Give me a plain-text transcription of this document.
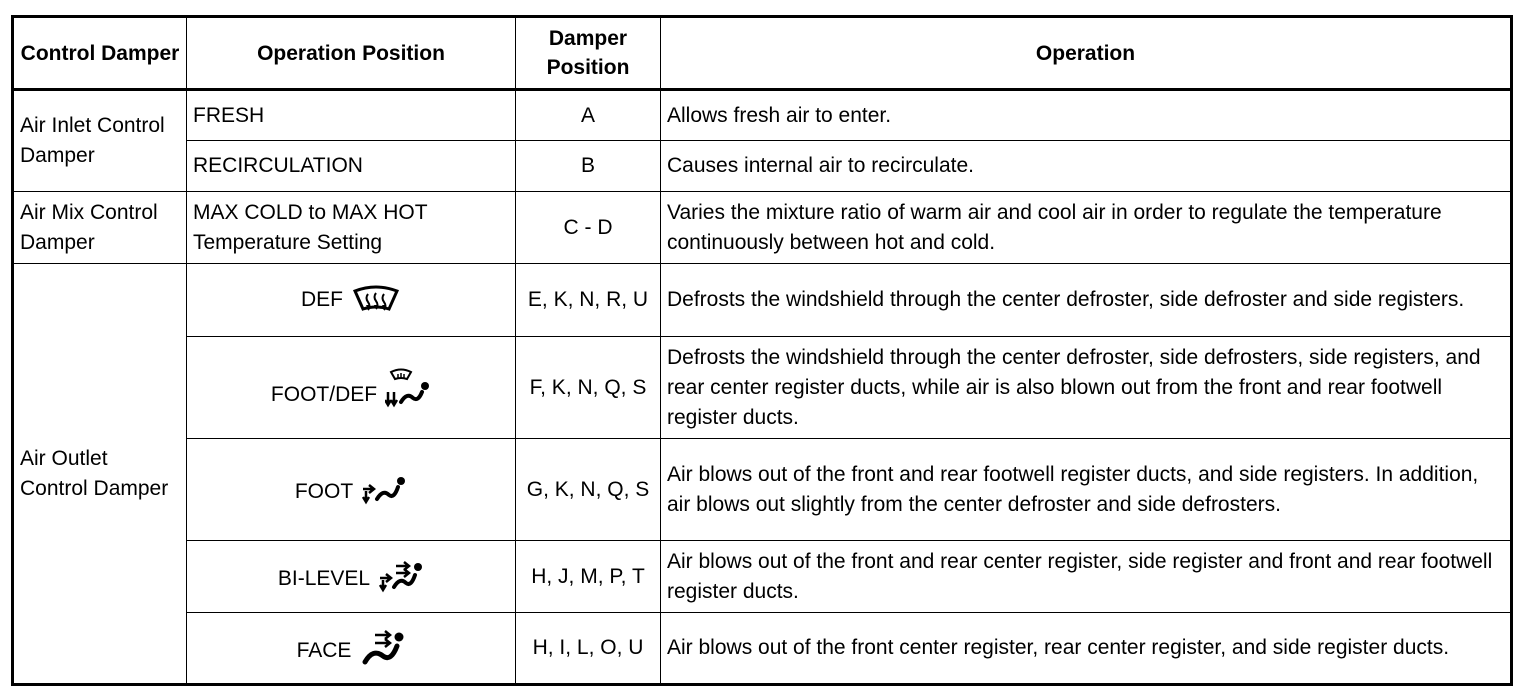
Control Damper	Operation Position	Damper Position	Operation
Air Inlet Control Damper	FRESH	A	Allows fresh air to enter.
	RECIRCULATION	B	Causes internal air to recirculate.
Air Mix Control Damper	MAX COLD to MAX HOT Temperature Setting	C - D	Varies the mixture ratio of warm air and cool air in order to regulate the temperature continuously between hot and cold.
Air Outlet Control Damper	DEF	E, K, N, R, U	Defrosts the windshield through the center defroster, side defroster and side registers.

	FOOT/DEF	F, K, N, Q, S	Defrosts the windshield through the center defroster, side defrosters, side registers, and rear center register ducts, while air is also blown out from the front and rear footwell register ducts.

	FOOT	G, K, N, Q, S	Air blows out of the front and rear footwell register ducts, and side registers. In addition, air blows out slightly from the center defroster and side defrosters.

	BI-LEVEL	H, J, M, P, T	Air blows out of the front and rear center register, side register and front and rear footwell register ducts.

	FACE	H, I, L, O, U	Air blows out of the front center register, rear center register, and side register ducts.
